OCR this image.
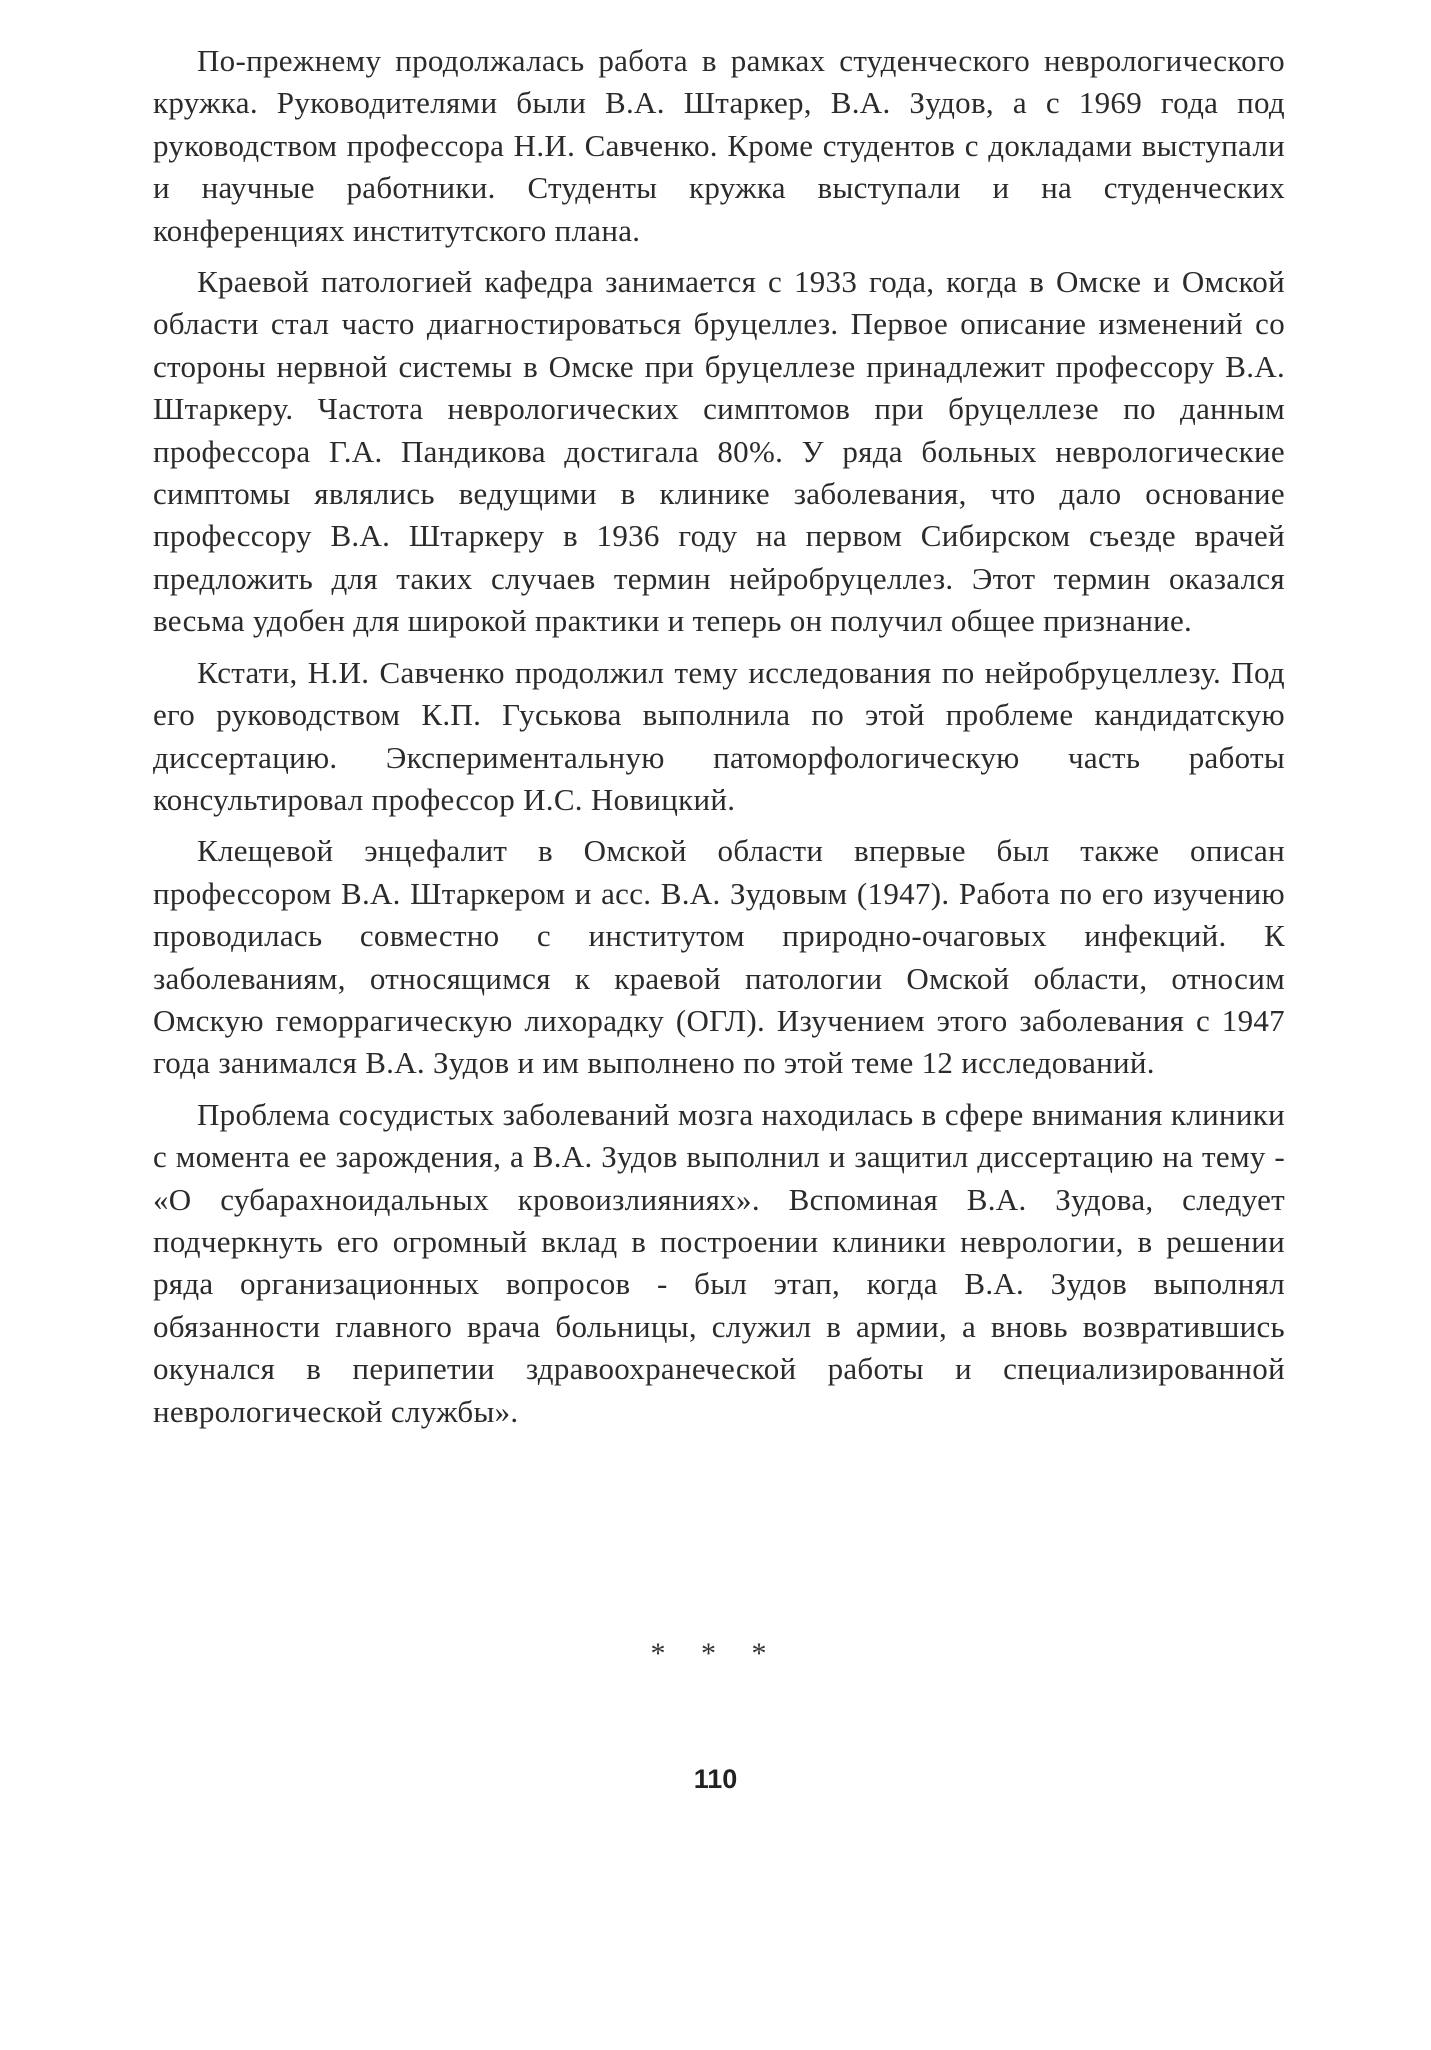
По-прежнему продолжалась работа в рамках студенческого неврологического кружка. Руководителями были В.А. Штаркер, В.А. Зудов, а с 1969 года под руководством профессора Н.И. Савченко. Кроме студентов с докладами выступали и научные работники. Студенты кружка выступали и на студенческих конференциях институтского плана.

Краевой патологией кафедра занимается с 1933 года, когда в Омске и Омской области стал часто диагностироваться бруцеллез. Первое описание изменений со стороны нервной системы в Омске при бруцеллезе принадлежит профессору В.А. Штаркеру. Частота неврологических симптомов при бруцеллезе по данным профессора Г.А. Пандикова достигала 80%. У ряда больных неврологические симптомы являлись ведущими в клинике заболевания, что дало основание профессору В.А. Штаркеру в 1936 году на первом Сибирском съезде врачей предложить для таких случаев термин нейробруцеллез. Этот термин оказался весьма удобен для широкой практики и теперь он получил общее признание.

Кстати, Н.И. Савченко продолжил тему исследования по нейробруцеллезу. Под его руководством К.П. Гуськова выполнила по этой проблеме кандидатскую диссертацию. Экспериментальную патоморфологическую часть работы консультировал профессор И.С. Новицкий.

Клещевой энцефалит в Омской области впервые был также описан профессором В.А. Штаркером и асс. В.А. Зудовым (1947). Работа по его изучению проводилась совместно с институтом природно-очаговых инфекций. К заболеваниям, относящимся к краевой патологии Омской области, относим Омскую геморрагическую лихорадку (ОГЛ). Изучением этого заболевания с 1947 года занимался В.А. Зудов и им выполнено по этой теме 12 исследований.

Проблема сосудистых заболеваний мозга находилась в сфере внимания клиники с момента ее зарождения, а В.А. Зудов выполнил и защитил диссертацию на тему - «О субарахноидальных кровоизлияниях». Вспоминая В.А. Зудова, следует подчеркнуть его огромный вклад в построении клиники неврологии, в решении ряда организационных вопросов - был этап, когда В.А. Зудов выполнял обязанности главного врача больницы, служил в армии, а вновь возвратившись окунался в перипетии здравоохранеческой работы и специализированной неврологической службы».

* * *
110
